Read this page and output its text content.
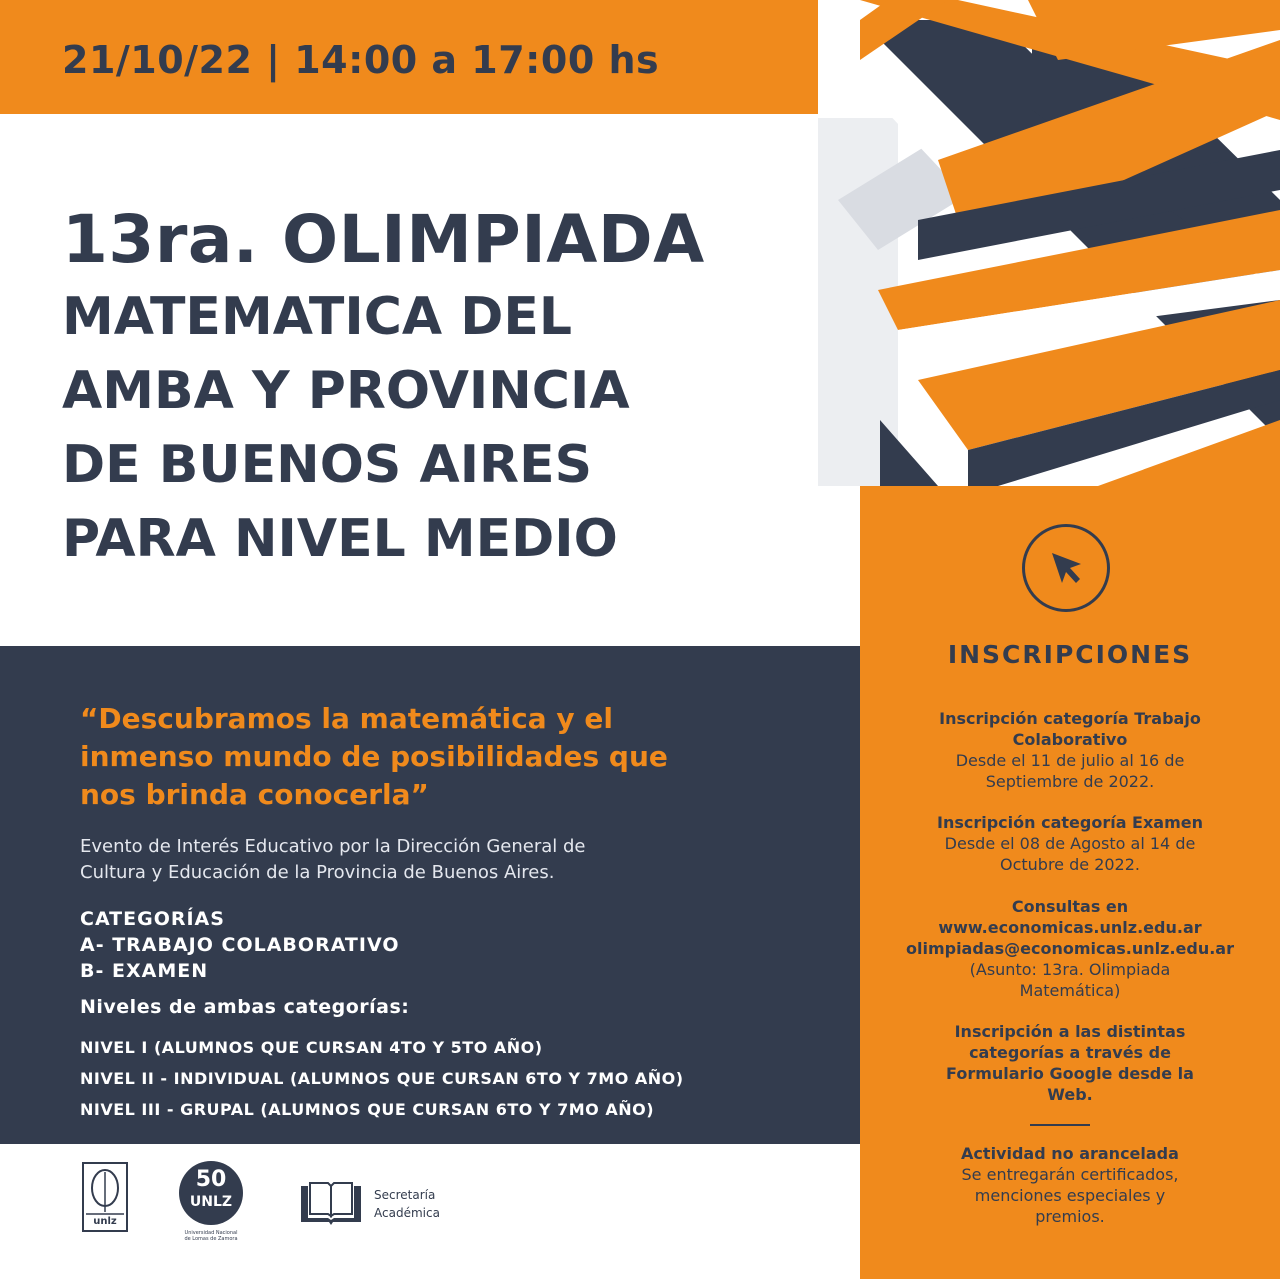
21/10/22 | 14:00 a 17:00 hs
13ra. OLIMPIADA
MATEMATICA DEL
AMBA Y PROVINCIA
DE BUENOS AIRES
PARA NIVEL MEDIO
“Descubramos la matemática y el
inmenso mundo de posibilidades que
nos brinda conocerla”
Evento de Interés Educativo por la Dirección General de
Cultura y Educación de la Provincia de Buenos Aires.
CATEGORÍAS
A- TRABAJO COLABORATIVO
B- EXAMEN
Niveles de ambas categorías:
NIVEL I (ALUMNOS QUE CURSAN 4TO Y 5TO AÑO)
NIVEL II - INDIVIDUAL (ALUMNOS QUE CURSAN 6TO Y 7MO AÑO)
NIVEL III - GRUPAL (ALUMNOS QUE CURSAN 6TO Y 7MO AÑO)
INSCRIPCIONES
Inscripción categoría Trabajo
Colaborativo
Desde el 11 de julio al 16 de
Septiembre de 2022.
Inscripción categoría Examen
Desde el 08 de Agosto al 14 de
Octubre de 2022.
Consultas en
www.economicas.unlz.edu.ar
olimpiadas@economicas.unlz.edu.ar
(Asunto: 13ra. Olimpiada
Matemática)
Inscripción a las distintas
categorías a través de
Formulario Google desde la
Web.
Actividad no arancelada
Se entregarán certificados,
menciones especiales y
premios.
unlz
50
UNLZ
Universidad Nacional
de Lomas de Zamora
Secretaría
Académica
